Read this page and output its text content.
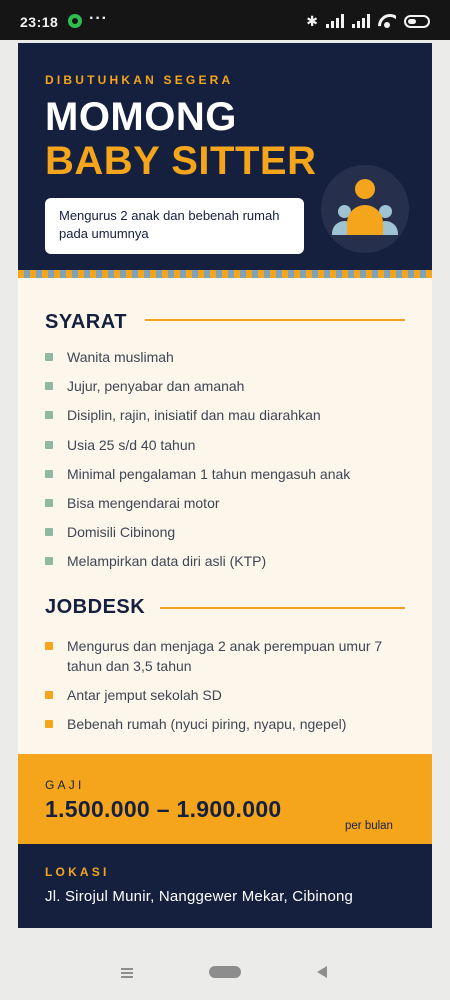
23:18 ···	✱
DIBUTUHKAN SEGERA
MOMONG
BABY SITTER
Mengurus 2 anak dan bebenah rumah pada umumnya
SYARAT
Wanita muslimah
Jujur, penyabar dan amanah
Disiplin, rajin, inisiatif dan mau diarahkan
Usia 25 s/d 40 tahun
Minimal pengalaman 1 tahun mengasuh anak
Bisa mengendarai motor
Domisili Cibinong
Melampirkan data diri asli (KTP)
JOBDESK
Mengurus dan menjaga 2 anak perempuan umur 7 tahun dan 3,5 tahun
Antar jemput sekolah SD
Bebenah rumah (nyuci piring, nyapu, ngepel)
GAJI
1.500.000 – 1.900.000
per bulan
LOKASI
Jl. Sirojul Munir, Nanggewer Mekar, Cibinong
